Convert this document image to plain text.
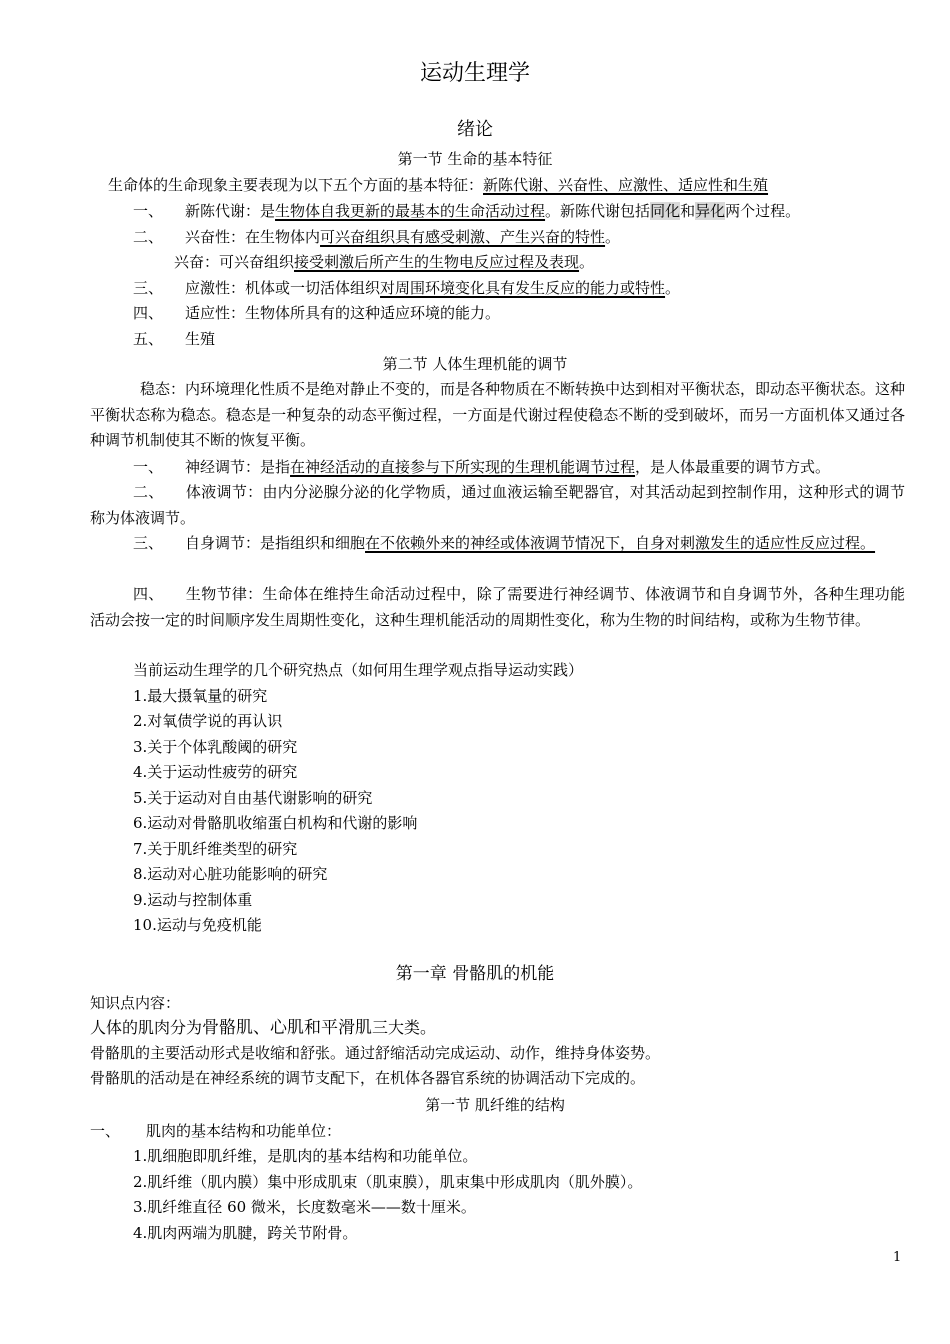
运动生理学
绪论
第一节 生命的基本特征
生命体的生命现象主要表现为以下五个方面的基本特征：新陈代谢、兴奋性、应激性、适应性和生殖
一、 新陈代谢：是生物体自我更新的最基本的生命活动过程。新陈代谢包括同化和异化两个过程。
二、 兴奋性：在生物体内可兴奋组织具有感受刺激、产生兴奋的特性。
兴奋：可兴奋组织接受刺激后所产生的生物电反应过程及表现。
三、 应激性：机体或一切活体组织对周围环境变化具有发生反应的能力或特性。
四、 适应性：生物体所具有的这种适应环境的能力。
五、 生殖
第二节 人体生理机能的调节
稳态：内环境理化性质不是绝对静止不变的，而是各种物质在不断转换中达到相对平衡状态，即动态平衡状态。这种平衡状态称为稳态。稳态是一种复杂的动态平衡过程，一方面是代谢过程使稳态不断的受到破坏，而另一方面机体又通过各种调节机制使其不断的恢复平衡。
一、 神经调节：是指在神经活动的直接参与下所实现的生理机能调节过程，是人体最重要的调节方式。
二、 体液调节：由内分泌腺分泌的化学物质，通过血液运输至靶器官，对其活动起到控制作用，这种形式的调节称为体液调节。
三、 自身调节：是指组织和细胞在不依赖外来的神经或体液调节情况下，自身对刺激发生的适应性反应过程。
四、 生物节律：生命体在维持生命活动过程中，除了需要进行神经调节、体液调节和自身调节外，各种生理功能活动会按一定的时间顺序发生周期性变化，这种生理机能活动的周期性变化，称为生物的时间结构，或称为生物节律。
当前运动生理学的几个研究热点（如何用生理学观点指导运动实践）
1.最大摄氧量的研究
2.对氧债学说的再认识
3.关于个体乳酸阈的研究
4.关于运动性疲劳的研究
5.关于运动对自由基代谢影响的研究
6.运动对骨骼肌收缩蛋白机构和代谢的影响
7.关于肌纤维类型的研究
8.运动对心脏功能影响的研究
9.运动与控制体重
10.运动与免疫机能
第一章 骨骼肌的机能
知识点内容：
人体的肌肉分为骨骼肌、心肌和平滑肌三大类。
骨骼肌的主要活动形式是收缩和舒张。通过舒缩活动完成运动、动作，维持身体姿势。
骨骼肌的活动是在神经系统的调节支配下，在机体各器官系统的协调活动下完成的。
第一节 肌纤维的结构
一、 肌肉的基本结构和功能单位：
1.肌细胞即肌纤维，是肌肉的基本结构和功能单位。
2.肌纤维（肌内膜）集中形成肌束（肌束膜），肌束集中形成肌肉（肌外膜）。
3.肌纤维直径 60 微米，长度数毫米——数十厘米。
4.肌肉两端为肌腱，跨关节附骨。
1
